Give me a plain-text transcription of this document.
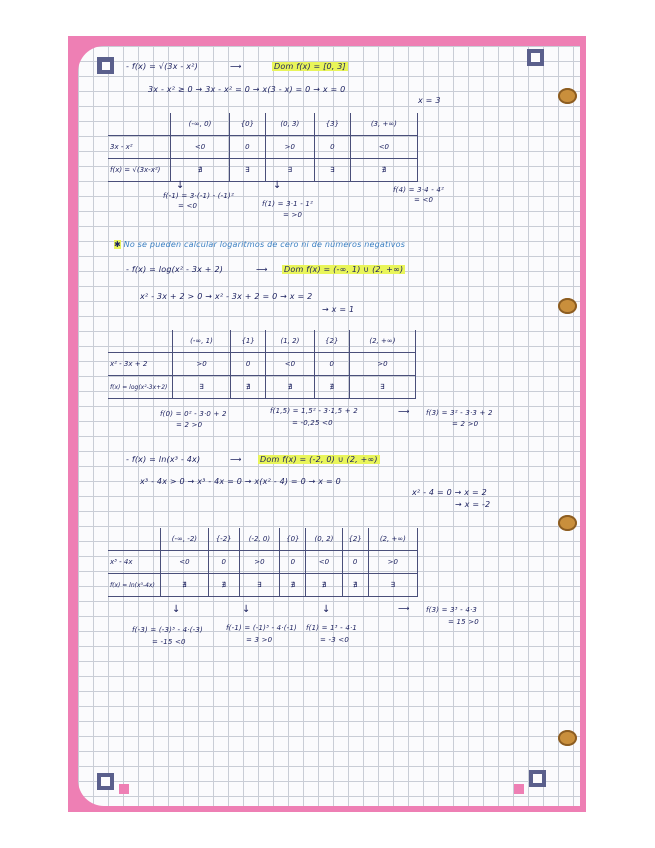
- f(x) = √(3x - x²)	⟶	Dom f(x) = [0, 3]
3x - x² ≥ 0 → 3x - x² = 0 → x(3 - x) = 0 → x = 0
x = 3
	(-∞, 0)	{0}	(0, 3)	{3}	(3, +∞)
3x - x²	<0	0	>0	0	<0
f(x) = √(3x-x²)	∄	∃	∃	∃	∄
↓	↓
f(-1) = 3·(-1) - (-1)²
= <0	f(1) = 3·1 - 1²
= >0
f(4) = 3·4 - 4²
= <0
✱ No se pueden calcular logaritmos de cero ni de números negativos
- f(x) = log(x² - 3x + 2)	⟶ Dom f(x) = (-∞, 1) ∪ (2, +∞)
x² - 3x + 2 > 0 → x² - 3x + 2 = 0 → x = 2
→ x = 1
	(-∞, 1)	{1}	(1, 2)	{2}	(2, +∞)
x² - 3x + 2	>0	0	<0	0	>0
f(x) = log(x²-3x+2)	∃	∄	∄	∄	∃
f(0) = 0² - 3·0 + 2
= 2 >0
f(1,5) = 1,5² - 3·1,5 + 2
= -0,25 <0
⟶ f(3) = 3² - 3·3 + 2
= 2 >0
- f(x) = ln(x³ - 4x)	⟶ Dom f(x) = (-2, 0) ∪ (2, +∞)
x³ - 4x > 0 → x³ - 4x = 0 → x(x² - 4) = 0 → x = 0
x² - 4 = 0 → x = 2
→ x = -2
	(-∞, -2)	{-2}	(-2, 0)	{0}	(0, 2)	{2}	(2, +∞)
x³ - 4x	<0	0	>0	0	<0	0	>0
f(x) = ln(x³-4x)	∄	∄	∃	∄	∄	∄	∃
↓	↓	↓
f(-3) = (-3)³ - 4·(-3)
= -15 <0
f(-1) = (-1)³ - 4·(-1)
= 3 >0
f(1) = 1³ - 4·1
= -3 <0
⟶ f(3) = 3³ - 4·3
= 15 >0
